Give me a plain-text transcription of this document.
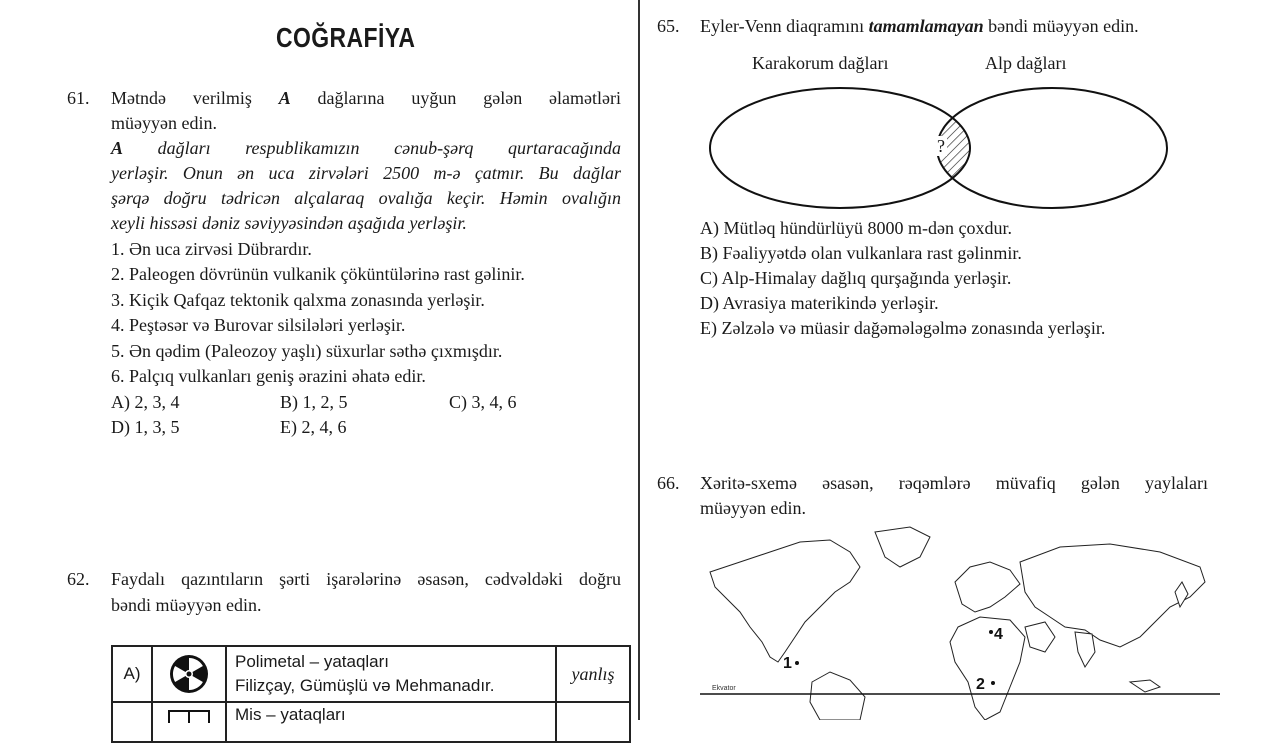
COĞRAFİYA
61. Mətndə verilmiş A dağlarına uyğun gələn əlamətləri
müəyyən edin.
A dağları respublikamızın cənub-şərq qurtaracağında
yerləşir. Onun ən uca zirvələri 2500 m-ə çatmır. Bu dağlar
şərqə doğru tədricən alçalaraq ovalığa keçir. Həmin ovalığın
xeyli hissəsi dəniz səviyyəsindən aşağıda yerləşir.
1. Ən uca zirvəsi Dübrardır.
2. Paleogen dövrünün vulkanik çöküntülərinə rast gəlinir.
3. Kiçik Qafqaz tektonik qalxma zonasında yerləşir.
4. Peştəsər və Burovar silsilələri yerləşir.
5. Ən qədim (Paleozoy yaşlı) süxurlar səthə çıxmışdır.
6. Palçıq vulkanları geniş ərazini əhatə edir.
A) 2, 3, 4	B) 1, 2, 5	C) 3, 4, 6
D) 1, 3, 5	E) 2, 4, 6
62. Faydalı qazıntıların şərti işarələrinə əsasən, cədvəldəki doğru
bəndi müəyyən edin.
A)		Polimetal – yataqları
Filizçay, Gümüşlü və Mehmanadır.	yanlış

Mis – yataqları	

65. Eyler-Venn diaqramını tamamlamayan bəndi müəyyən edin.
Karakorum dağları	Alp dağları
?
A) Mütləq hündürlüyü 8000 m-dən çoxdur.
B) Fəaliyyətdə olan vulkanlara rast gəlinmir.
C) Alp-Himalay dağlıq qurşağında yerləşir.
D) Avrasiya materikində yerləşir.
E) Zəlzələ və müasir dağəmələgəlmə zonasında yerləşir.
66. Xəritə-sxemə əsasən, rəqəmlərə müvafiq gələn yaylaları
müəyyən edin.
Ekvator
1
2
4
